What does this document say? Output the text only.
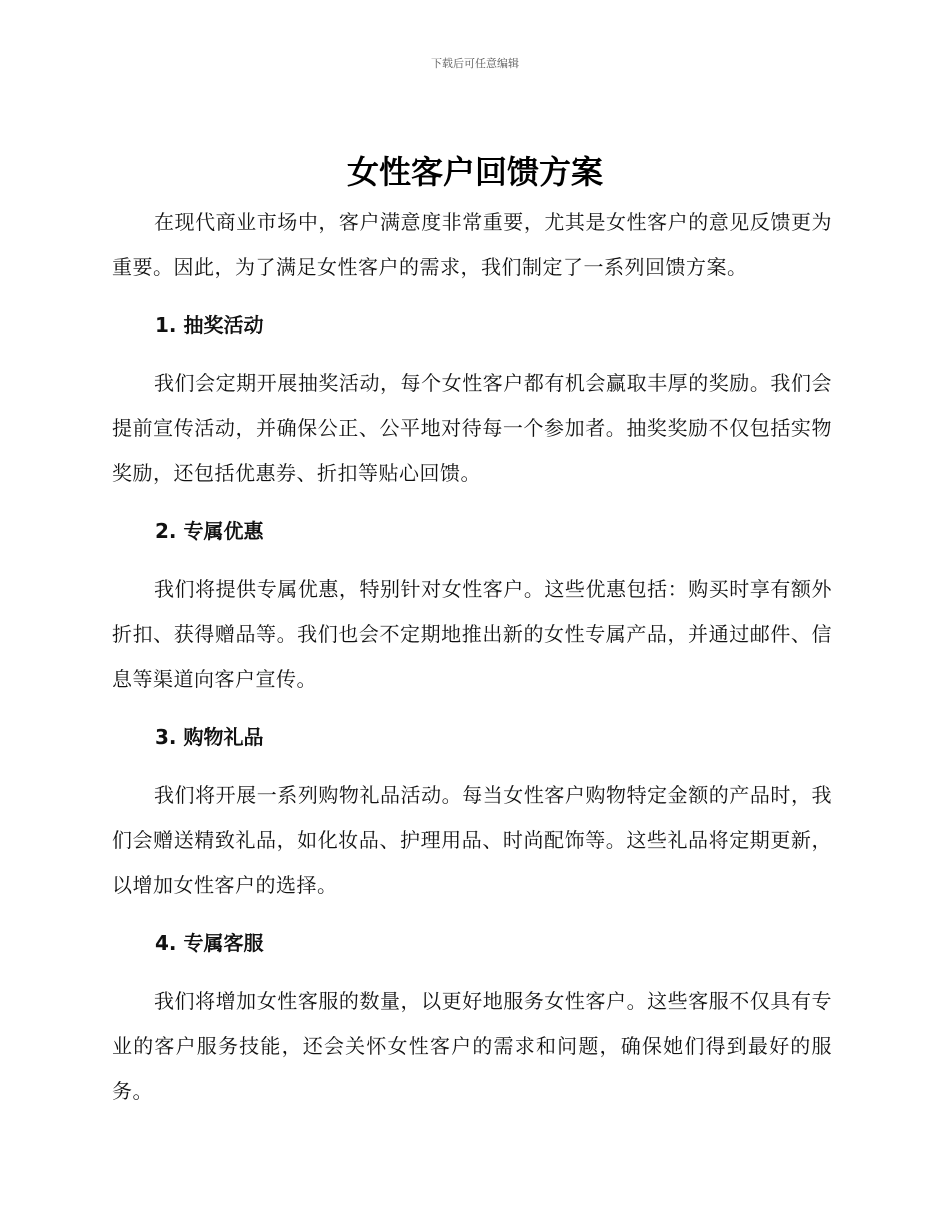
下载后可任意编辑
女性客户回馈方案

在现代商业市场中，客户满意度非常重要，尤其是女性客户的意见反馈更为重要。因此，为了满足女性客户的需求，我们制定了一系列回馈方案。

1. 抽奖活动

我们会定期开展抽奖活动，每个女性客户都有机会赢取丰厚的奖励。我们会提前宣传活动，并确保公正、公平地对待每一个参加者。抽奖奖励不仅包括实物奖励，还包括优惠券、折扣等贴心回馈。

2. 专属优惠

我们将提供专属优惠，特别针对女性客户。这些优惠包括：购买时享有额外折扣、获得赠品等。我们也会不定期地推出新的女性专属产品，并通过邮件、信息等渠道向客户宣传。

3. 购物礼品

我们将开展一系列购物礼品活动。每当女性客户购物特定金额的产品时，我们会赠送精致礼品，如化妆品、护理用品、时尚配饰等。这些礼品将定期更新，以增加女性客户的选择。

4. 专属客服

我们将增加女性客服的数量，以更好地服务女性客户。这些客服不仅具有专业的客户服务技能，还会关怀女性客户的需求和问题，确保她们得到最好的服务。
